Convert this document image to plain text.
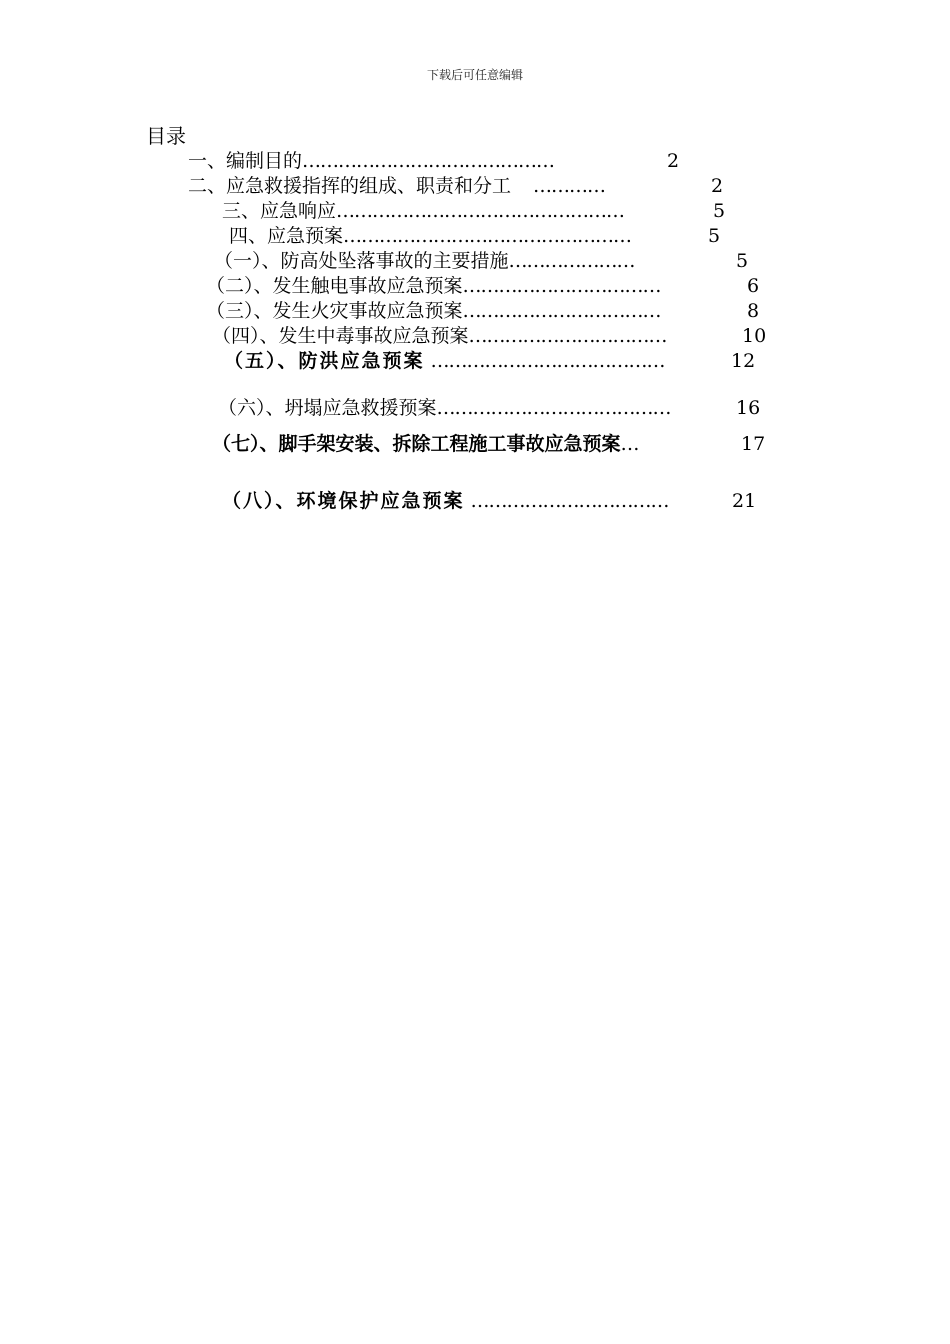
下载后可任意编辑
目录
一、编制目的……………………………………	2
二、应急救援指挥的组成、职责和分工 …………	2
三、应急响应…………………………………………	5
四、应急预案…………………………………………	5
（一）、防高处坠落事故的主要措施…………………	5
（二）、发生触电事故应急预案……………………………	6
（三）、发生火灾事故应急预案……………………………	8
（四）、发生中毒事故应急预案……………………………	10
（五）、防洪应急预案 …………………………………	12
（六）、坍塌应急救援预案…………………………………	16
（七）、脚手架安装、拆除工程施工事故应急预案…	17
（八）、环境保护应急预案 ……………………………	21
